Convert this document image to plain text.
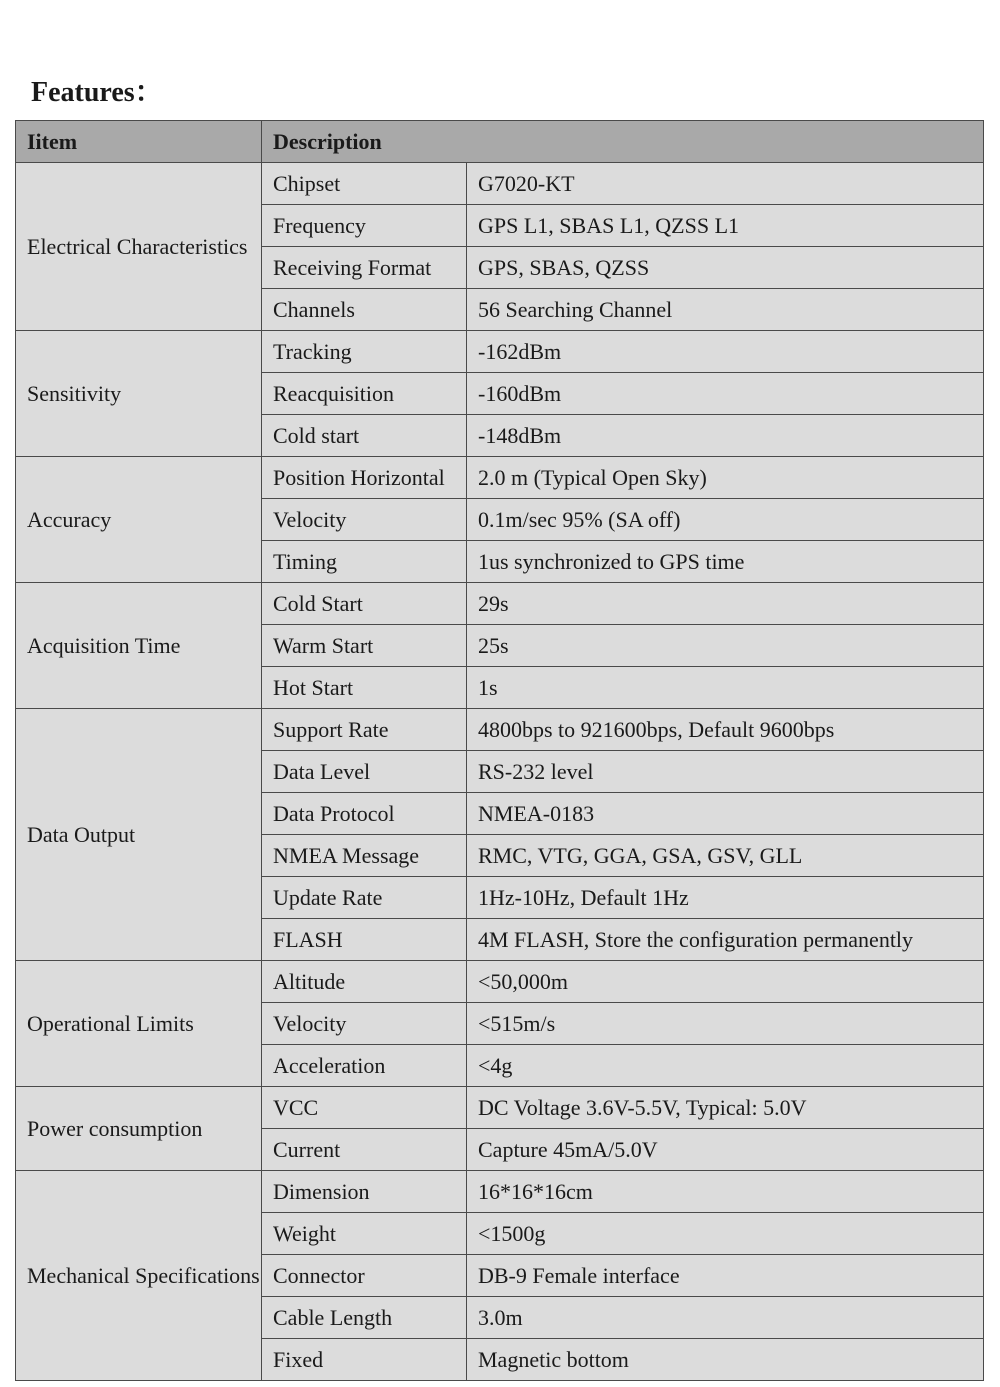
Features：
Iitem	Description	
Electrical Characteristics	Chipset	G7020-KT
	Frequency	GPS L1, SBAS L1, QZSS L1
	Receiving Format	GPS, SBAS, QZSS
	Channels	56 Searching Channel
Sensitivity	Tracking	-162dBm
	Reacquisition	-160dBm
	Cold start	-148dBm
Accuracy	Position Horizontal	2.0 m (Typical Open Sky)
	Velocity	0.1m/sec 95% (SA off)
	Timing	1us synchronized to GPS time
Acquisition Time	Cold Start	29s
	Warm Start	25s
	Hot Start	1s
Data Output	Support Rate	4800bps to 921600bps, Default 9600bps
	Data Level	RS-232 level
	Data Protocol	NMEA-0183
	NMEA Message	RMC, VTG, GGA, GSA, GSV, GLL
	Update Rate	1Hz-10Hz, Default 1Hz
	FLASH	4M FLASH, Store the configuration permanently
Operational Limits	Altitude	<50,000m
	Velocity	<515m/s
	Acceleration	<4g
Power consumption	VCC	DC Voltage 3.6V-5.5V, Typical: 5.0V
	Current	Capture 45mA/5.0V
Mechanical Specifications	Dimension	16*16*16cm
	Weight	<1500g
	Connector	DB-9 Female interface
	Cable Length	3.0m
	Fixed	Magnetic bottom
